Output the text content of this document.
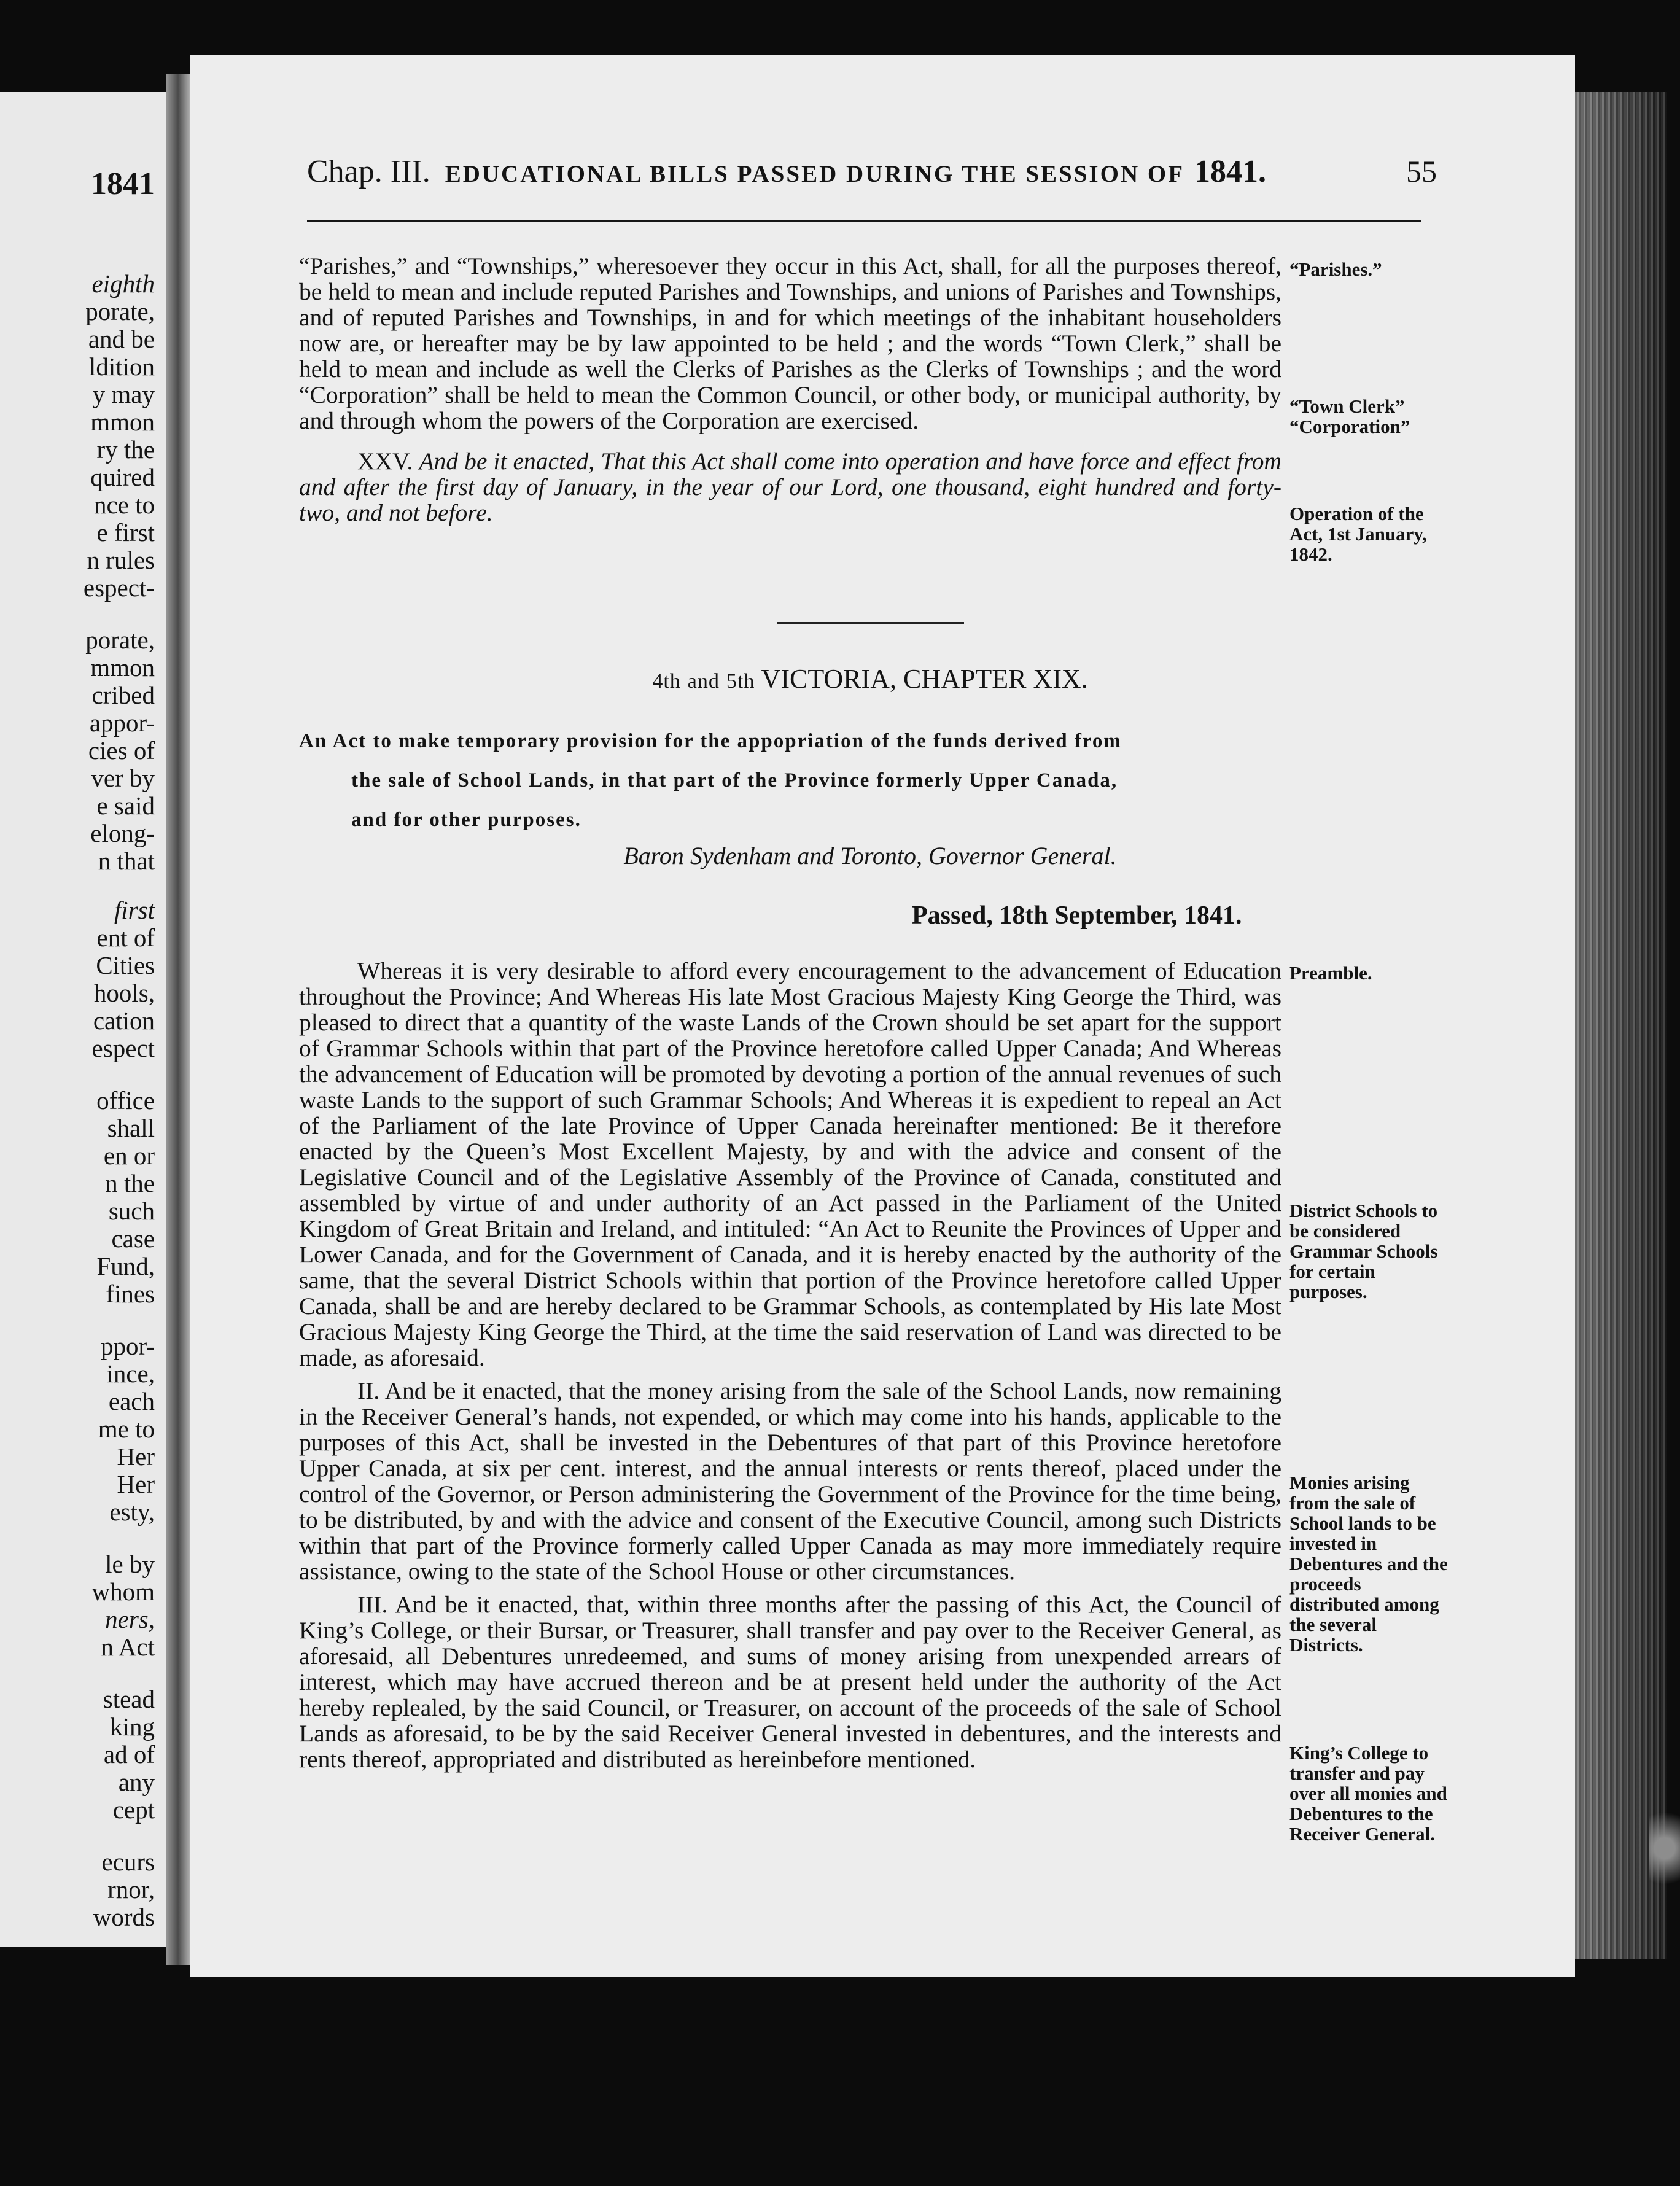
1841
eighth
porate,
and be
ldition
y may
mmon
ry the
quired
nce to
e first
n rules
espect-
porate,
mmon
cribed
appor-
cies of
ver by
e said
elong-
n that
first
ent of
Cities
hools,
cation
espect
office
shall
en or
n the
such
case
Fund,
fines
ppor-
ince,
each
me to
Her
Her
esty,
le by
whom
ners,
n Act
stead
king
ad of
any
cept
ecurs
rnor,
words
Chap. III. EDUCATIONAL BILLS PASSED DURING THE SESSION OF 1841.	55

“Parishes,” and “Townships,” wheresoever they occur in this Act, shall, for all the purposes thereof, be held to mean and include reputed Parishes and Townships, and unions of Parishes and Townships, and of reputed Parishes and Townships, in and for which meetings of the inhabitant householders now are, or hereafter may be by law appointed to be held ; and the words “Town Clerk,” shall be held to mean and include as well the Clerks of Parishes as the Clerks of Townships ; and the word “Corporation” shall be held to mean the Common Council, or other body, or municipal authority, by and through whom the powers of the Corporation are exercised.

XXV. And be it enacted, That this Act shall come into operation and have force and effect from and after the first day of January, in the year of our Lord, one thousand, eight hundred and forty-two, and not before.

“Parishes.”
“Town Clerk”
“Corporation”
Operation of the Act, 1st January, 1842.
4th and 5th VICTORIA, CHAPTER XIX.
An Act to make temporary provision for the appopriation of the funds derived from
the sale of School Lands, in that part of the Province formerly Upper Canada,
and for other purposes.
Baron Sydenham and Toronto, Governor General.
Passed, 18th September, 1841.

Whereas it is very desirable to afford every encouragement to the advancement of Education throughout the Province; And Whereas His late Most Gracious Majesty King George the Third, was pleased to direct that a quantity of the waste Lands of the Crown should be set apart for the support of Grammar Schools within that part of the Province heretofore called Upper Canada; And Whereas the advancement of Education will be promoted by devoting a portion of the annual revenues of such waste Lands to the support of such Grammar Schools; And Whereas it is expedient to repeal an Act of the Parliament of the late Province of Upper Canada hereinafter mentioned: Be it therefore enacted by the Queen’s Most Excellent Majesty, by and with the advice and consent of the Legislative Council and of the Legislative Assembly of the Province of Canada, constituted and assembled by virtue of and under authority of an Act passed in the Parliament of the United Kingdom of Great Britain and Ireland, and intituled: “An Act to Reunite the Provinces of Upper and Lower Canada, and for the Government of Canada, and it is hereby enacted by the authority of the same, that the several District Schools within that portion of the Province heretofore called Upper Canada, shall be and are hereby declared to be Grammar Schools, as contemplated by His late Most Gracious Majesty King George the Third, at the time the said reservation of Land was directed to be made, as aforesaid.

II. And be it enacted, that the money arising from the sale of the School Lands, now remaining in the Receiver General’s hands, not expended, or which may come into his hands, applicable to the purposes of this Act, shall be invested in the Debentures of that part of this Province heretofore Upper Canada, at six per cent. interest, and the annual interests or rents thereof, placed under the control of the Governor, or Person administering the Government of the Province for the time being, to be distributed, by and with the advice and consent of the Executive Council, among such Districts within that part of the Province formerly called Upper Canada as may more immediately require assistance, owing to the state of the School House or other circumstances.

III. And be it enacted, that, within three months after the passing of this Act, the Council of King’s College, or their Bursar, or Treasurer, shall transfer and pay over to the Receiver General, as aforesaid, all Debentures unredeemed, and sums of money arising from unexpended arrears of interest, which may have accrued thereon and be at present held under the authority of the Act hereby replealed, by the said Council, or Treasurer, on account of the proceeds of the sale of School Lands as aforesaid, to be by the said Receiver General invested in debentures, and the interests and rents thereof, appropriated and distributed as hereinbefore mentioned.

Preamble.
District Schools to be considered Grammar Schools for certain purposes.
Monies arising from the sale of School lands to be invested in Debentures and the proceeds distributed among the several Districts.
King’s College to transfer and pay over all monies and Debentures to the Receiver General.
